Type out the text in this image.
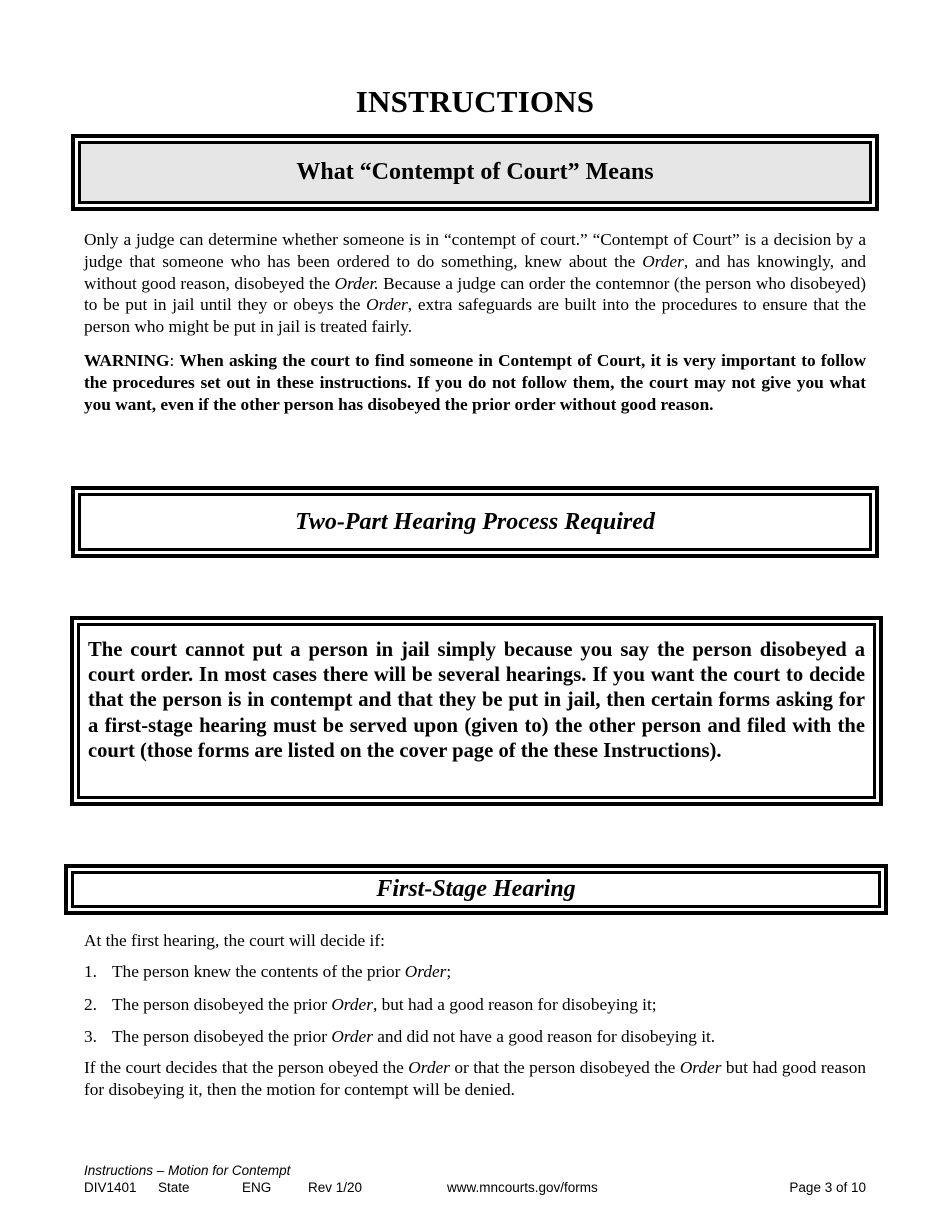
INSTRUCTIONS
What “Contempt of Court” Means

Only a judge can determine whether someone is in “contempt of court.” “Contempt of Court” is a decision by a judge that someone who has been ordered to do something, knew about the Order, and has knowingly, and without good reason, disobeyed the Order. Because a judge can order the contemnor (the person who disobeyed) to be put in jail until they or obeys the Order, extra safeguards are built into the procedures to ensure that the person who might be put in jail is treated fairly.

WARNING: When asking the court to find someone in Contempt of Court, it is very important to follow the procedures set out in these instructions. If you do not follow them, the court may not give you what you want, even if the other person has disobeyed the prior order without good reason.

Two-Part Hearing Process Required

The court cannot put a person in jail simply because you say the person disobeyed a court order. In most cases there will be several hearings. If you want the court to decide that the person is in contempt and that they be put in jail, then certain forms asking for a first-stage hearing must be served upon (given to) the other person and filed with the court (those forms are listed on the cover page of the these Instructions).

First-Stage Hearing
At the first hearing, the court will decide if:
1. The person knew the contents of the prior Order;
2. The person disobeyed the prior Order, but had a good reason for disobeying it;
3. The person disobeyed the prior Order and did not have a good reason for disobeying it.

If the court decides that the person obeyed the Order or that the person disobeyed the Order but had good reason for disobeying it, then the motion for contempt will be denied.

Instructions – Motion for Contempt
DIV1401 State	ENG	Rev 1/20	www.mncourts.gov/forms	Page 3 of 10
